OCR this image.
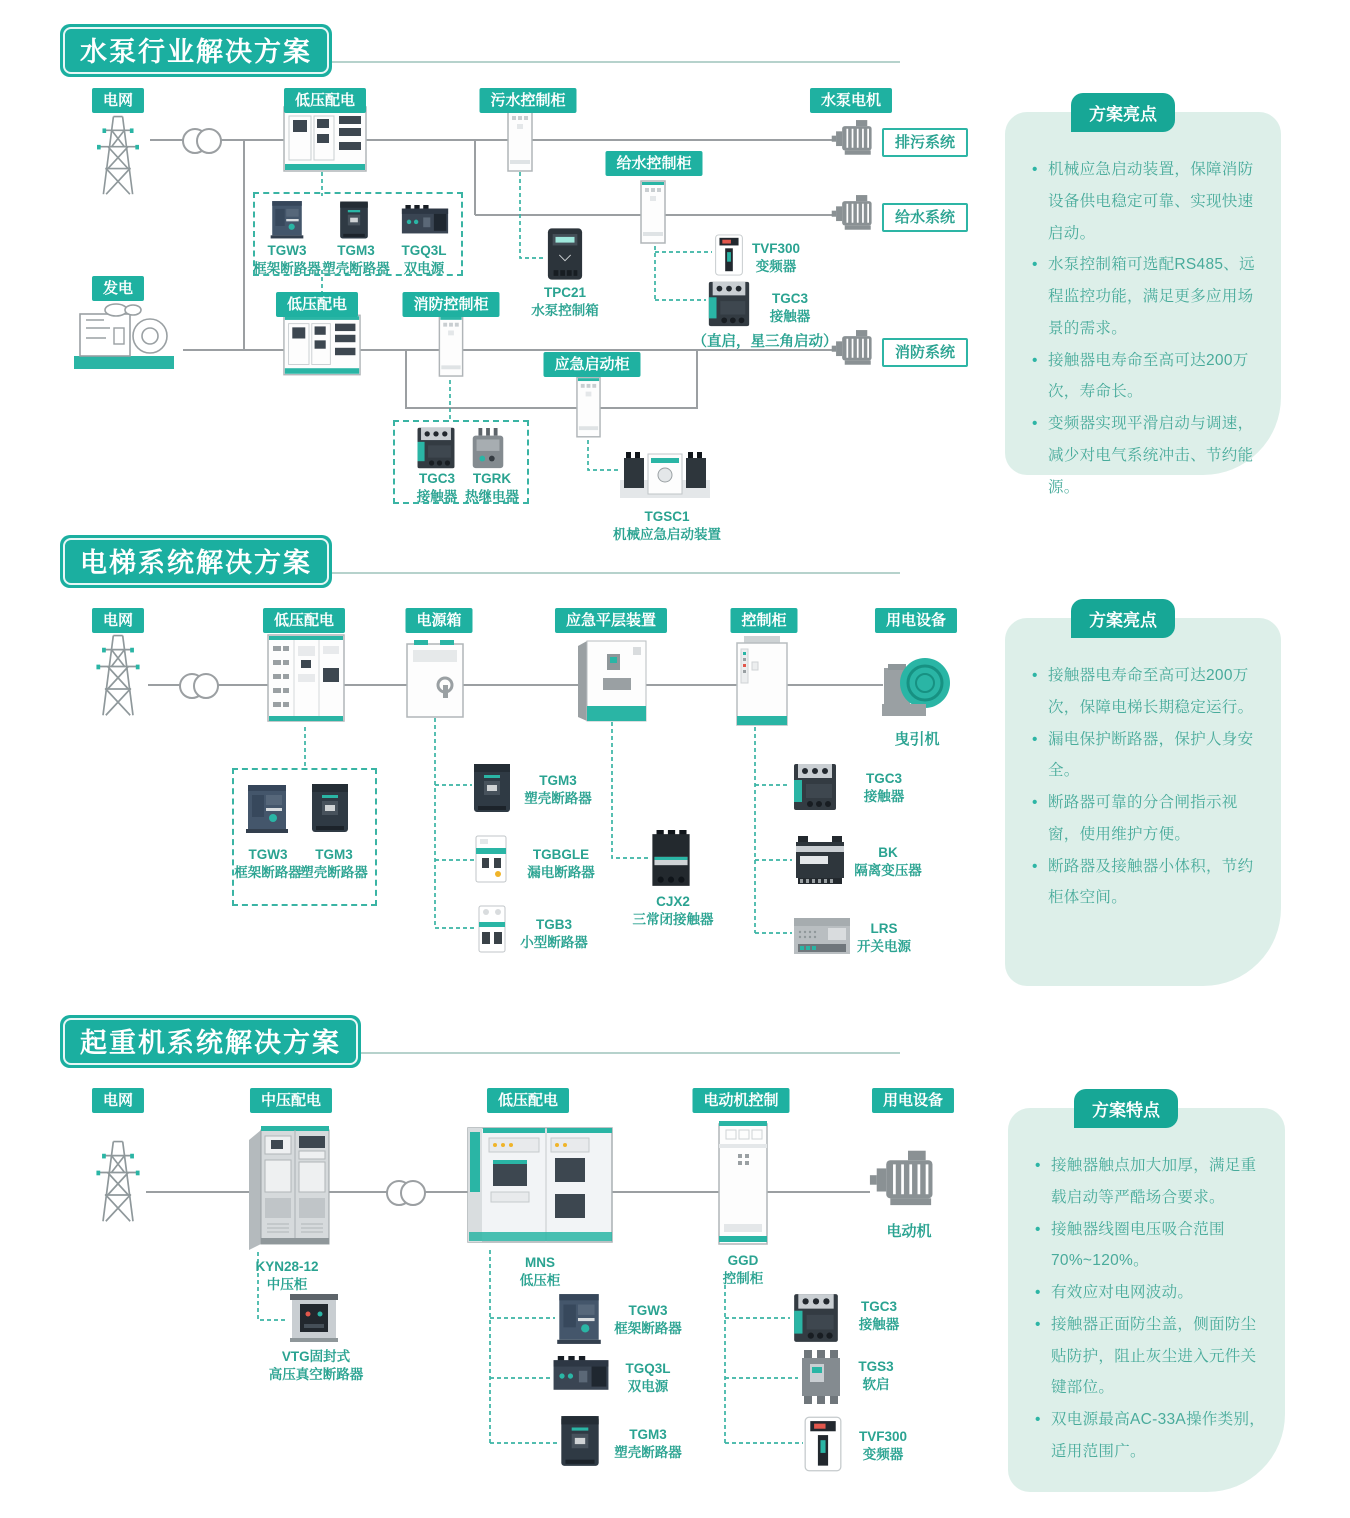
水泵行业解决方案
电网	低压配电	污水控制柜	水泵电机
排污系统
给水控制柜
给水系统
TGW3
框架断路器
TGM3
塑壳断路器
TGQ3L
双电源
TPC21
水泵控制箱
TVF300
变频器
TGC3
接触器
（直启，星三角启动）
发电
低压配电	消防控制柜
消防系统
应急启动柜
TGC3
接触器
TGRK
热继电器
TGSC1
机械应急启动装置
方案亮点
• 机械应急启动装置，保障消防设备供电稳定可靠、实现快速启动。
• 水泵控制箱可选配RS485、远程监控功能，满足更多应用场景的需求。
• 接触器电寿命至高可达200万次，寿命长。
• 变频器实现平滑启动与调速，减少对电气系统冲击、节约能源。
电梯系统解决方案
电网	低压配电	电源箱	应急平层装置	控制柜	用电设备
曳引机
TGW3
框架断路器
TGM3
塑壳断路器
TGM3
塑壳断路器
TGBGLE
漏电断路器
TGB3
小型断路器
CJX2
三常闭接触器
TGC3
接触器
BK
隔离变压器
LRS
开关电源
方案亮点
• 接触器电寿命至高可达200万次，保障电梯长期稳定运行。
• 漏电保护断路器，保护人身安全。
• 断路器可靠的分合闸指示视窗，使用维护方便。
• 断路器及接触器小体积，节约柜体空间。
起重机系统解决方案
电网	中压配电
KYN28-12
中压柜
低压配电
MNS
低压柜
电动机控制
GGD
控制柜
用电设备
电动机
VTG固封式
高压真空断路器
TGW3
框架断路器
TGQ3L
双电源
TGM3
塑壳断路器
TGC3
接触器
TGS3
软启
TVF300
变频器
方案特点
• 接触器触点加大加厚，满足重载启动等严酷场合要求。
• 接触器线圈电压吸合范围70%~120%。
• 有效应对电网波动。
• 接触器正面防尘盖，侧面防尘贴防护，阻止灰尘进入元件关键部位。
• 双电源最高AC-33A操作类别，适用范围广。
